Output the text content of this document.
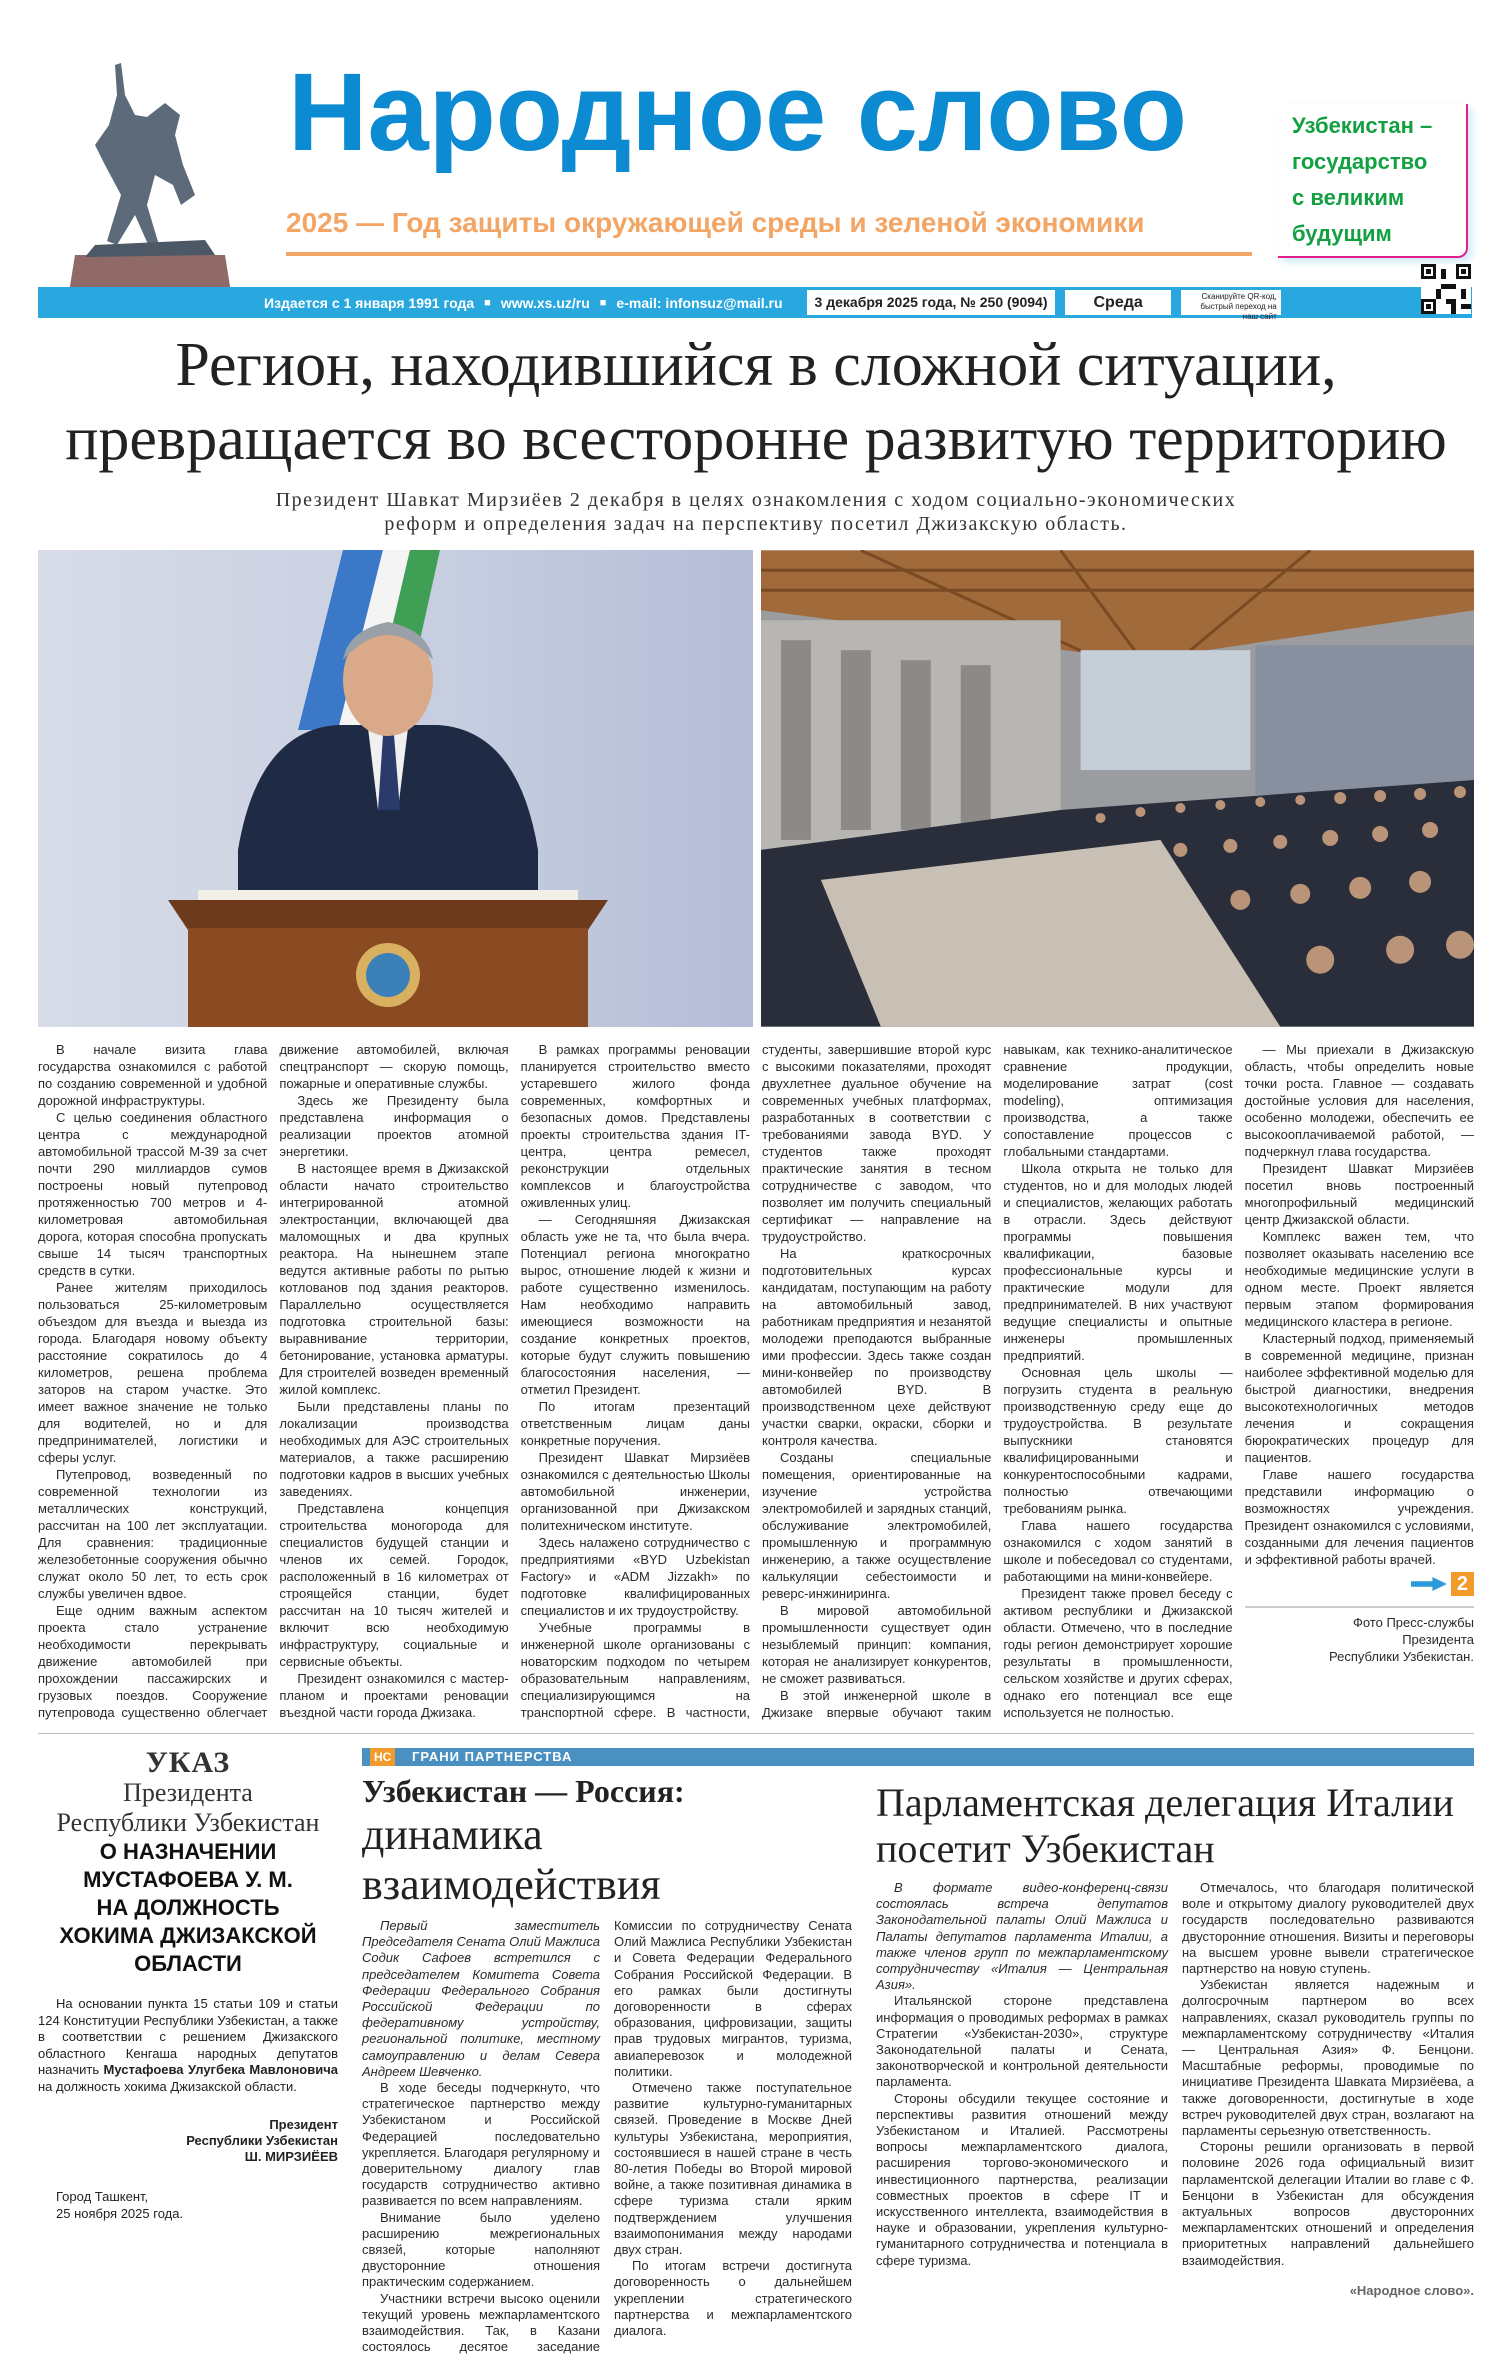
Народное слово
2025 — Год защиты окружающей среды и зеленой экономики
Узбекистан –
государство
с великим
будущим
Издается с 1 января 1991 года ■ www.xs.uz/ru ■ e-mail: infonsuz@mail.ru	3 декабря 2025 года, № 250 (9094)	Среда	Сканируйте QR-код, быстрый переход на наш сайт
Регион, находившийся в сложной ситуации,
превращается во всесторонне развитую территорию
Президент Шавкат Мирзиёев 2 декабря в целях ознакомления с ходом социально-экономических
реформ и определения задач на перспективу посетил Джизакскую область.

В начале визита глава государства ознакомился с работой по созданию современной и удобной дорожной инфраструктуры.

С целью соединения областного центра с международной автомобильной трассой М-39 за счет почти 290 миллиардов сумов построены новый путепровод протяженностью 700 метров и 4-километровая автомобильная дорога, которая способна пропускать свыше 14 тысяч транспортных средств в сутки.

Ранее жителям приходилось пользоваться 25-километровым объездом для въезда и выезда из города. Благодаря новому объекту расстояние сократилось до 4 километров, решена проблема заторов на старом участке. Это имеет важное значение не только для водителей, но и для предпринимателей, логистики и сферы услуг.

Путепровод, возведенный по современной технологии из металлических конструкций, рассчитан на 100 лет эксплуатации. Для сравнения: традиционные железобетонные сооружения обычно служат около 50 лет, то есть срок службы увеличен вдвое.

Еще одним важным аспектом проекта стало устранение необходимости перекрывать движение автомобилей при прохождении пассажирских и грузовых поездов. Сооружение путепровода существенно облегчает движение автомобилей, включая спецтранспорт — скорую помощь, пожарные и оперативные службы.

Здесь же Президенту была представлена информация о реализации проектов атомной энергетики.

В настоящее время в Джизакской области начато строительство интегрированной атомной электростанции, включающей два маломощных и два крупных реактора. На нынешнем этапе ведутся активные работы по рытью котлованов под здания реакторов. Параллельно осуществляется подготовка строительной базы: выравнивание территории, бетонирование, установка арматуры. Для строителей возведен временный жилой комплекс.

Были представлены планы по локализации производства необходимых для АЭС строительных материалов, а также расширению подготовки кадров в высших учебных заведениях.

Представлена концепция строительства моногорода для специалистов будущей станции и членов их семей. Городок, расположенный в 16 километрах от строящейся станции, будет рассчитан на 10 тысяч жителей и включит всю необходимую инфраструктуру, социальные и сервисные объекты.

Президент ознакомился с мастер-планом и проектами реновации въездной части города Джизака.

В рамках программы реновации планируется строительство вместо устаревшего жилого фонда современных, комфортных и безопасных домов. Представлены проекты строительства здания IT-центра, центра ремесел, реконструкции отдельных комплексов и благоустройства оживленных улиц.

— Сегодняшняя Джизакская область уже не та, что была вчера. Потенциал региона многократно вырос, отношение людей к жизни и работе существенно изменилось. Нам необходимо направить имеющиеся возможности на создание конкретных проектов, которые будут служить повышению благосостояния населения, — отметил Президент.

По итогам презентаций ответственным лицам даны конкретные поручения.

Президент Шавкат Мирзиёев ознакомился с деятельностью Школы автомобильной инженерии, организованной при Джизакском политехническом институте.

Здесь налажено сотрудничество с предприятиями «BYD Uzbekistan Factory» и «ADM Jizzakh» по подготовке квалифицированных специалистов и их трудоустройству.

Учебные программы в инженерной школе организованы с новаторским подходом по четырем образовательным направлениям, специализирующимся на транспортной сфере. В частности, студенты, завершившие второй курс с высокими показателями, проходят двухлетнее дуальное обучение на современных учебных платформах, разработанных в соответствии с требованиями завода BYD. У студентов также проходят практические занятия в тесном сотрудничестве с заводом, что позволяет им получить специальный сертификат — направление на трудоустройство.

На краткосрочных подготовительных курсах кандидатам, поступающим на работу на автомобильный завод, работникам предприятия и незанятой молодежи преподаются выбранные ими профессии. Здесь также создан мини-конвейер по производству автомобилей BYD. В производственном цехе действуют участки сварки, окраски, сборки и контроля качества.

Созданы специальные помещения, ориентированные на изучение устройства электромобилей и зарядных станций, обслуживание электромобилей, промышленную и программную инженерию, а также осуществление калькуляции себестоимости и реверс-инжиниринга.

В мировой автомобильной промышленности существует один незыблемый принцип: компания, которая не анализирует конкурентов, не сможет развиваться.

В этой инженерной школе в Джизаке впервые обучают таким навыкам, как технико-аналитическое сравнение продукции, моделирование затрат (cost modeling), оптимизация производства, а также сопоставление процессов с глобальными стандартами.

Школа открыта не только для студентов, но и для молодых людей и специалистов, желающих работать в отрасли. Здесь действуют программы повышения квалификации, базовые профессиональные курсы и практические модули для предпринимателей. В них участвуют ведущие специалисты и опытные инженеры промышленных предприятий.

Основная цель школы — погрузить студента в реальную производственную среду еще до трудоустройства. В результате выпускники становятся квалифицированными и конкурентоспособными кадрами, полностью отвечающими требованиям рынка.

Глава нашего государства ознакомился с ходом занятий в школе и побеседовал со студентами, работающими на мини-конвейере.

Президент также провел беседу с активом республики и Джизакской области. Отмечено, что в последние годы регион демонстрирует хорошие результаты в промышленности, сельском хозяйстве и других сферах, однако его потенциал все еще используется не полностью.

— Мы приехали в Джизакскую область, чтобы определить новые точки роста. Главное — создавать достойные условия для населения, особенно молодежи, обеспечить ее высокооплачиваемой работой, — подчеркнул глава государства.

Президент Шавкат Мирзиёев посетил вновь построенный многопрофильный медицинский центр Джизакской области.

Комплекс важен тем, что позволяет оказывать населению все необходимые медицинские услуги в одном месте. Проект является первым этапом формирования медицинского кластера в регионе.

Кластерный подход, применяемый в современной медицине, признан наиболее эффективной моделью для быстрой диагностики, внедрения высокотехнологичных методов лечения и сокращения бюрократических процедур для пациентов.

Главе нашего государства представили информацию о возможностях учреждения. Президент ознакомился с условиями, созданными для лечения пациентов и эффективной работы врачей.

2
Фото Пресс-службы
Президента
Республики Узбекистан.
УКАЗ
Президента
Республики Узбекистан
О НАЗНАЧЕНИИ
МУСТАФОЕВА У. М.
НА ДОЛЖНОСТЬ
ХОКИМА ДЖИЗАКСКОЙ
ОБЛАСТИ
На основании пункта 15 статьи 109 и статьи 124 Конституции Республики Узбекистан, а также в соответствии с решением Джизакского областного Кенгаша народных депутатов назначить Мустафоева Улугбека Мавлоновича на должность хокима Джизакской области.
Президент
Республики Узбекистан
Ш. МИРЗИЁЕВ
Город Ташкент,
25 ноября 2025 года.
НС	ГРАНИ ПАРТНЕРСТВА
Узбекистан — Россия:
динамика взаимодействия

Первый заместитель Председателя Сената Олий Мажлиса Содик Сафоев встретился с председателем Комитета Совета Федерации Федерального Собрания Российской Федерации по федеративному устройству, региональной политике, местному самоуправлению и делам Севера Андреем Шевченко.

В ходе беседы подчеркнуто, что стратегическое партнерство между Узбекистаном и Российской Федерацией последовательно укрепляется. Благодаря регулярному и доверительному диалогу глав государств сотрудничество активно развивается по всем направлениям.

Внимание было уделено расширению межрегиональных связей, которые наполняют двусторонние отношения практическим содержанием.

Участники встречи высоко оценили текущий уровень межпарламентского взаимодействия. Так, в Казани состоялось десятое заседание Комиссии по сотрудничеству Сената Олий Мажлиса Республики Узбекистан и Совета Федерации Федерального Собрания Российской Федерации. В его рамках были достигнуты договоренности в сферах образования, цифровизации, защиты прав трудовых мигрантов, туризма, авиаперевозок и молодежной политики.

Отмечено также поступательное развитие культурно-гуманитарных связей. Проведение в Москве Дней культуры Узбекистана, мероприятия, состоявшиеся в нашей стране в честь 80-летия Победы во Второй мировой войне, а также позитивная динамика в сфере туризма стали ярким подтверждением улучшения взаимопонимания между народами двух стран.

По итогам встречи достигнута договоренность о дальнейшем укреплении стратегического партнерства и межпарламентского диалога.

Парламентская делегация Италии
посетит Узбекистан

В формате видео-конференц-связи состоялась встреча депутатов Законодательной палаты Олий Мажлиса и Палаты депутатов парламента Италии, а также членов групп по межпарламентскому сотрудничеству «Италия — Центральная Азия».

Итальянской стороне представлена информация о проводимых реформах в рамках Стратегии «Узбекистан-2030», структуре Законодательной палаты и Сената, законотворческой и контрольной деятельности парламента.

Стороны обсудили текущее состояние и перспективы развития отношений между Узбекистаном и Италией. Рассмотрены вопросы межпарламентского диалога, расширения торгово-экономического и инвестиционного партнерства, реализации совместных проектов в сфере IT и искусственного интеллекта, взаимодействия в науке и образовании, укрепления культурно-гуманитарного сотрудничества и потенциала в сфере туризма.

Отмечалось, что благодаря политической воле и открытому диалогу руководителей двух государств последовательно развиваются двусторонние отношения. Визиты и переговоры на высшем уровне вывели стратегическое партнерство на новую ступень.

Узбекистан является надежным и долгосрочным партнером во всех направлениях, сказал руководитель группы по межпарламентскому сотрудничеству «Италия — Центральная Азия» Ф. Бенцони. Масштабные реформы, проводимые по инициативе Президента Шавката Мирзиёева, а также договоренности, достигнутые в ходе встреч руководителей двух стран, возлагают на парламенты серьезную ответственность.

Стороны решили организовать в первой половине 2026 года официальный визит парламентской делегации Италии во главе с Ф. Бенцони в Узбекистан для обсуждения актуальных вопросов двусторонних межпарламентских отношений и определения приоритетных направлений дальнейшего взаимодействия.

«Народное слово».
